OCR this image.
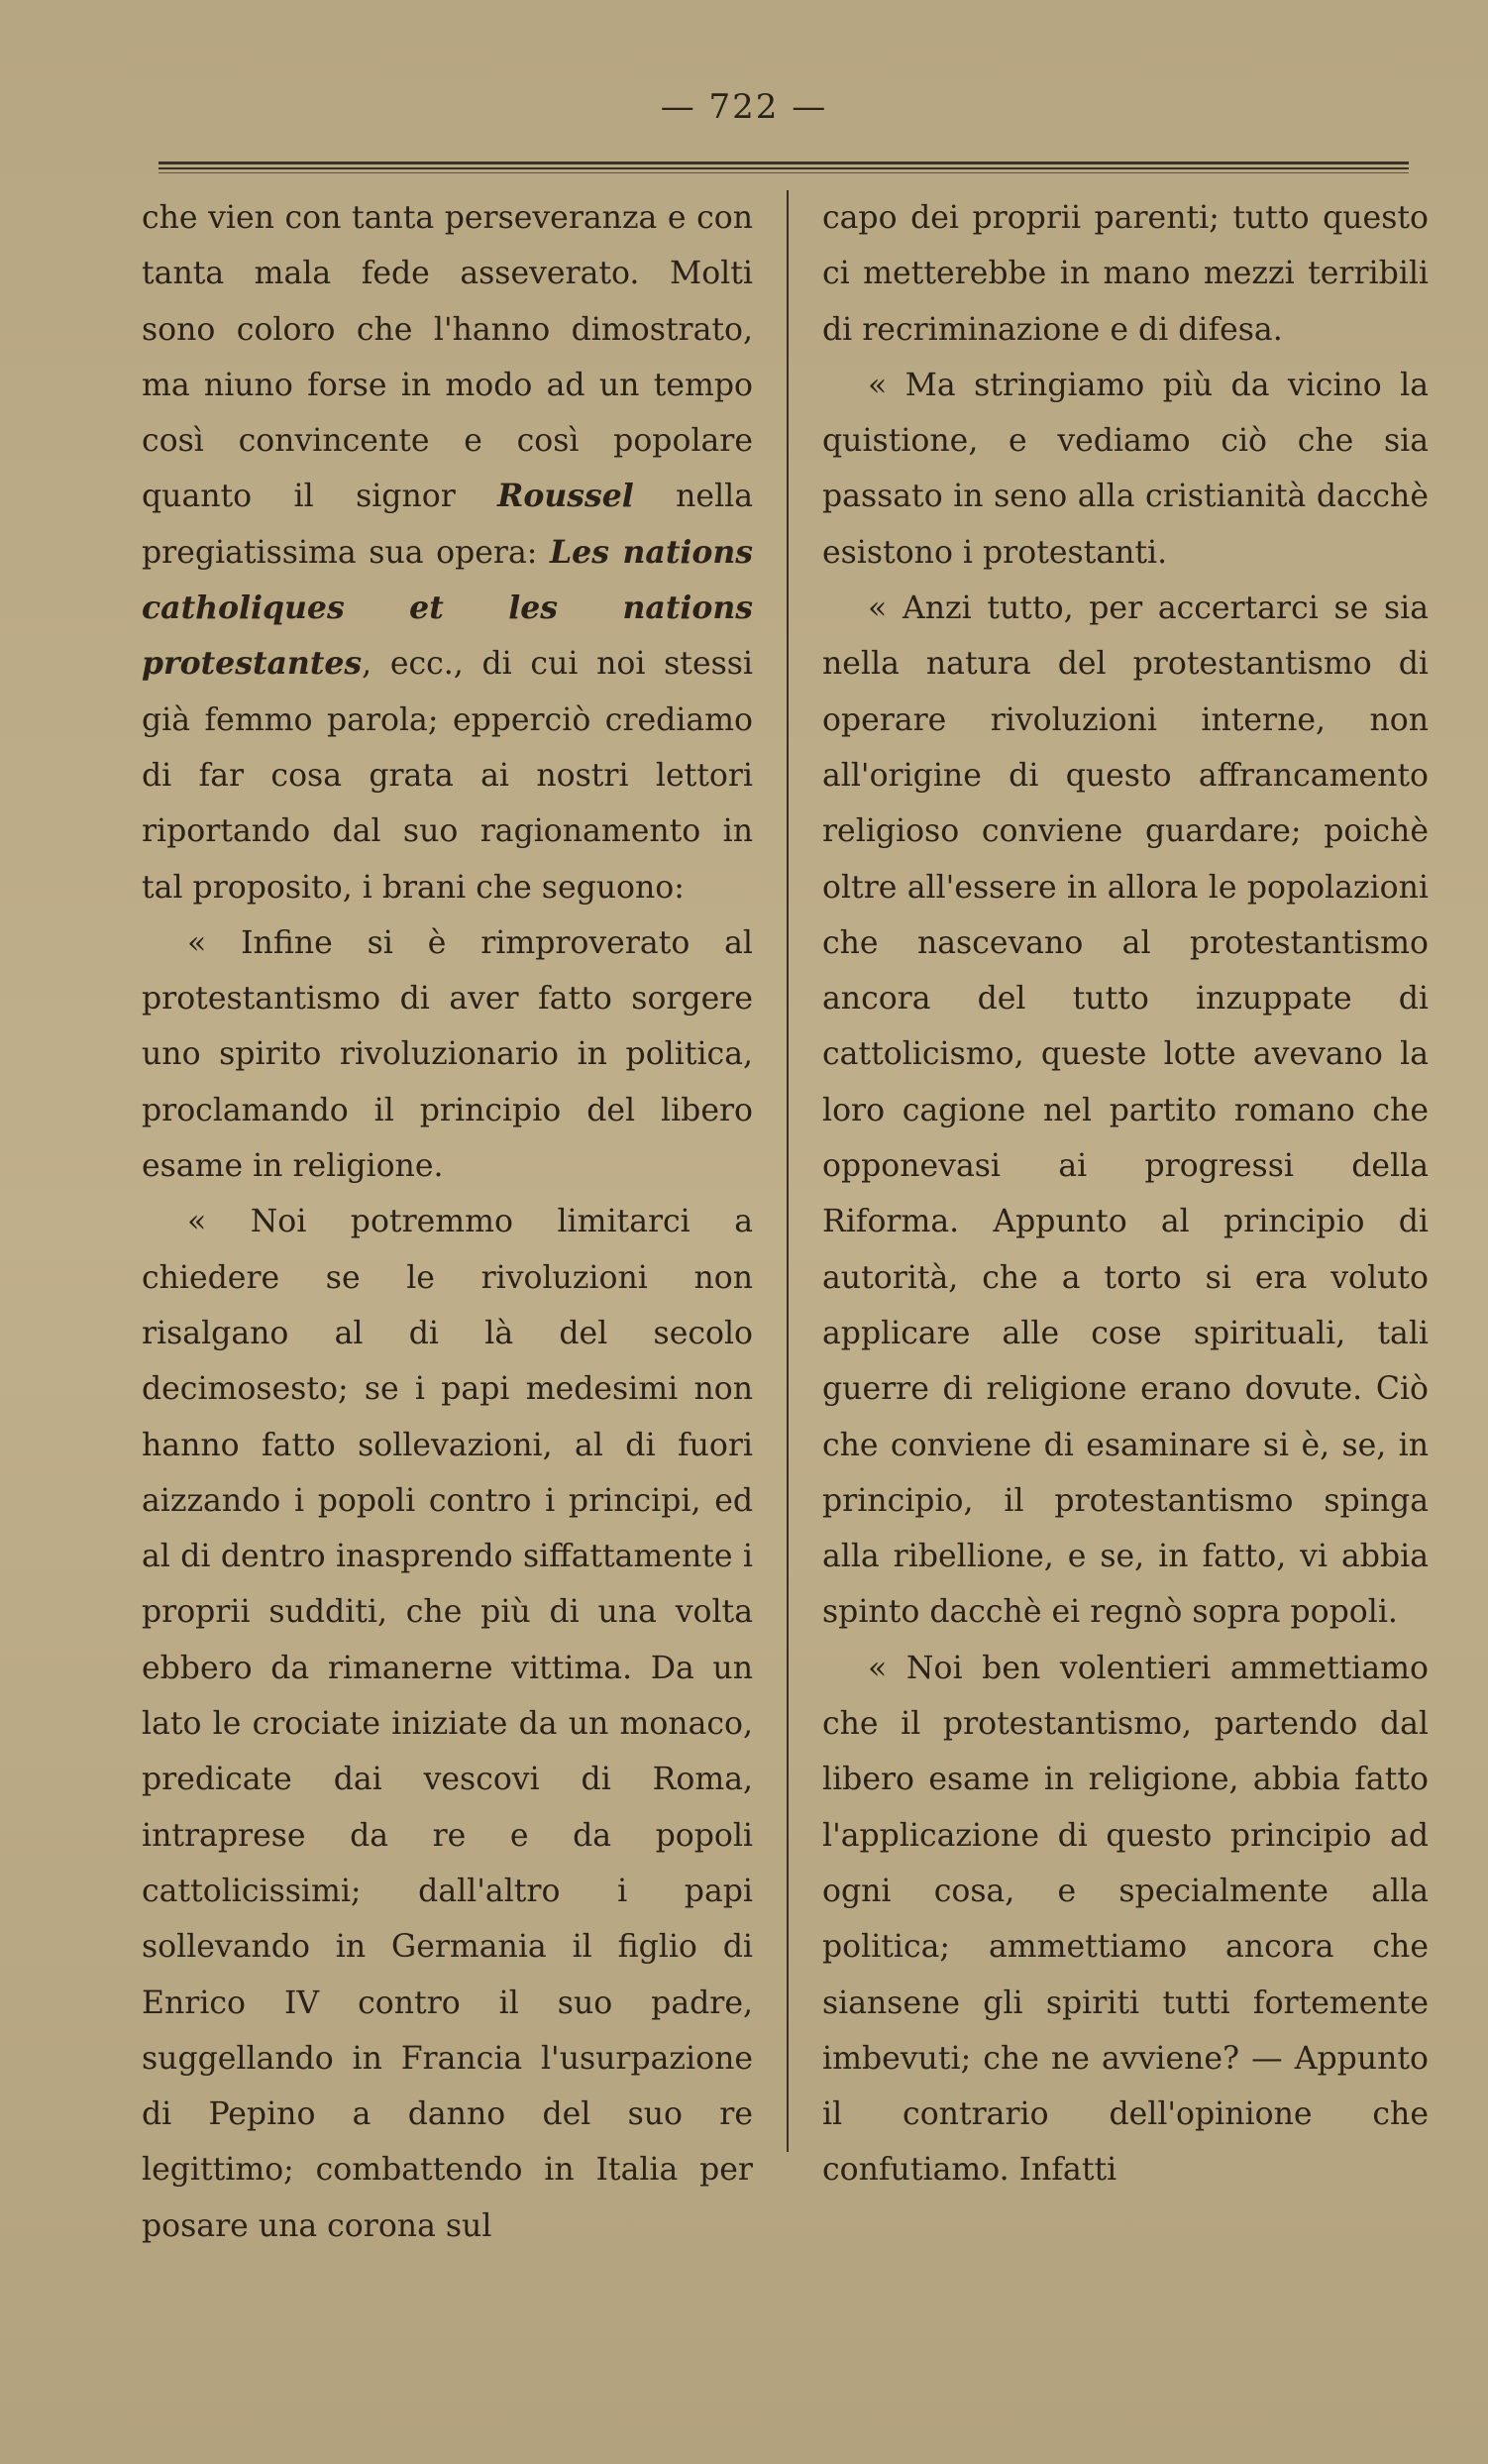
— 722 —

che vien con tanta perseveranza e con tanta mala fede asseverato. Molti sono coloro che l'hanno dimostrato, ma niuno forse in modo ad un tempo così convincente e così popolare quanto il signor Roussel nella pregiatissima sua opera: Les nations catholiques et les nations protestantes, ecc., di cui noi stessi già femmo parola; epperciò crediamo di far cosa grata ai nostri lettori riportando dal suo ragionamento in tal proposito, i brani che seguono:

« Infine si è rimproverato al protestantismo di aver fatto sorgere uno spirito rivoluzionario in politica, proclamando il principio del libero esame in religione.

« Noi potremmo limitarci a chiedere se le rivoluzioni non risalgano al di là del secolo decimosesto; se i papi medesimi non hanno fatto sollevazioni, al di fuori aizzando i popoli contro i principi, ed al di dentro inasprendo siffattamente i proprii sudditi, che più di una volta ebbero da rimanerne vittima. Da un lato le crociate iniziate da un monaco, predicate dai vescovi di Roma, intraprese da re e da popoli cattolicissimi; dall'altro i papi sollevando in Germania il figlio di Enrico IV contro il suo padre, suggellando in Francia l'usurpazione di Pepino a danno del suo re legittimo; combattendo in Italia per posare una corona sul

capo dei proprii parenti; tutto questo ci metterebbe in mano mezzi terribili di recriminazione e di difesa.

« Ma stringiamo più da vicino la quistione, e vediamo ciò che sia passato in seno alla cristianità dacchè esistono i protestanti.

« Anzi tutto, per accertarci se sia nella natura del protestantismo di operare rivoluzioni interne, non all'origine di questo affrancamento religioso conviene guardare; poichè oltre all'essere in allora le popolazioni che nascevano al protestantismo ancora del tutto inzuppate di cattolicismo, queste lotte avevano la loro cagione nel partito romano che opponevasi ai progressi della Riforma. Appunto al principio di autorità, che a torto si era voluto applicare alle cose spirituali, tali guerre di religione erano dovute. Ciò che conviene di esaminare si è, se, in principio, il protestantismo spinga alla ribellione, e se, in fatto, vi abbia spinto dacchè ei regnò sopra popoli.

« Noi ben volentieri ammettiamo che il protestantismo, partendo dal libero esame in religione, abbia fatto l'applicazione di questo principio ad ogni cosa, e specialmente alla politica; ammettiamo ancora che siansene gli spiriti tutti fortemente imbevuti; che ne avviene? — Appunto il contrario dell'opinione che confutiamo. Infatti
